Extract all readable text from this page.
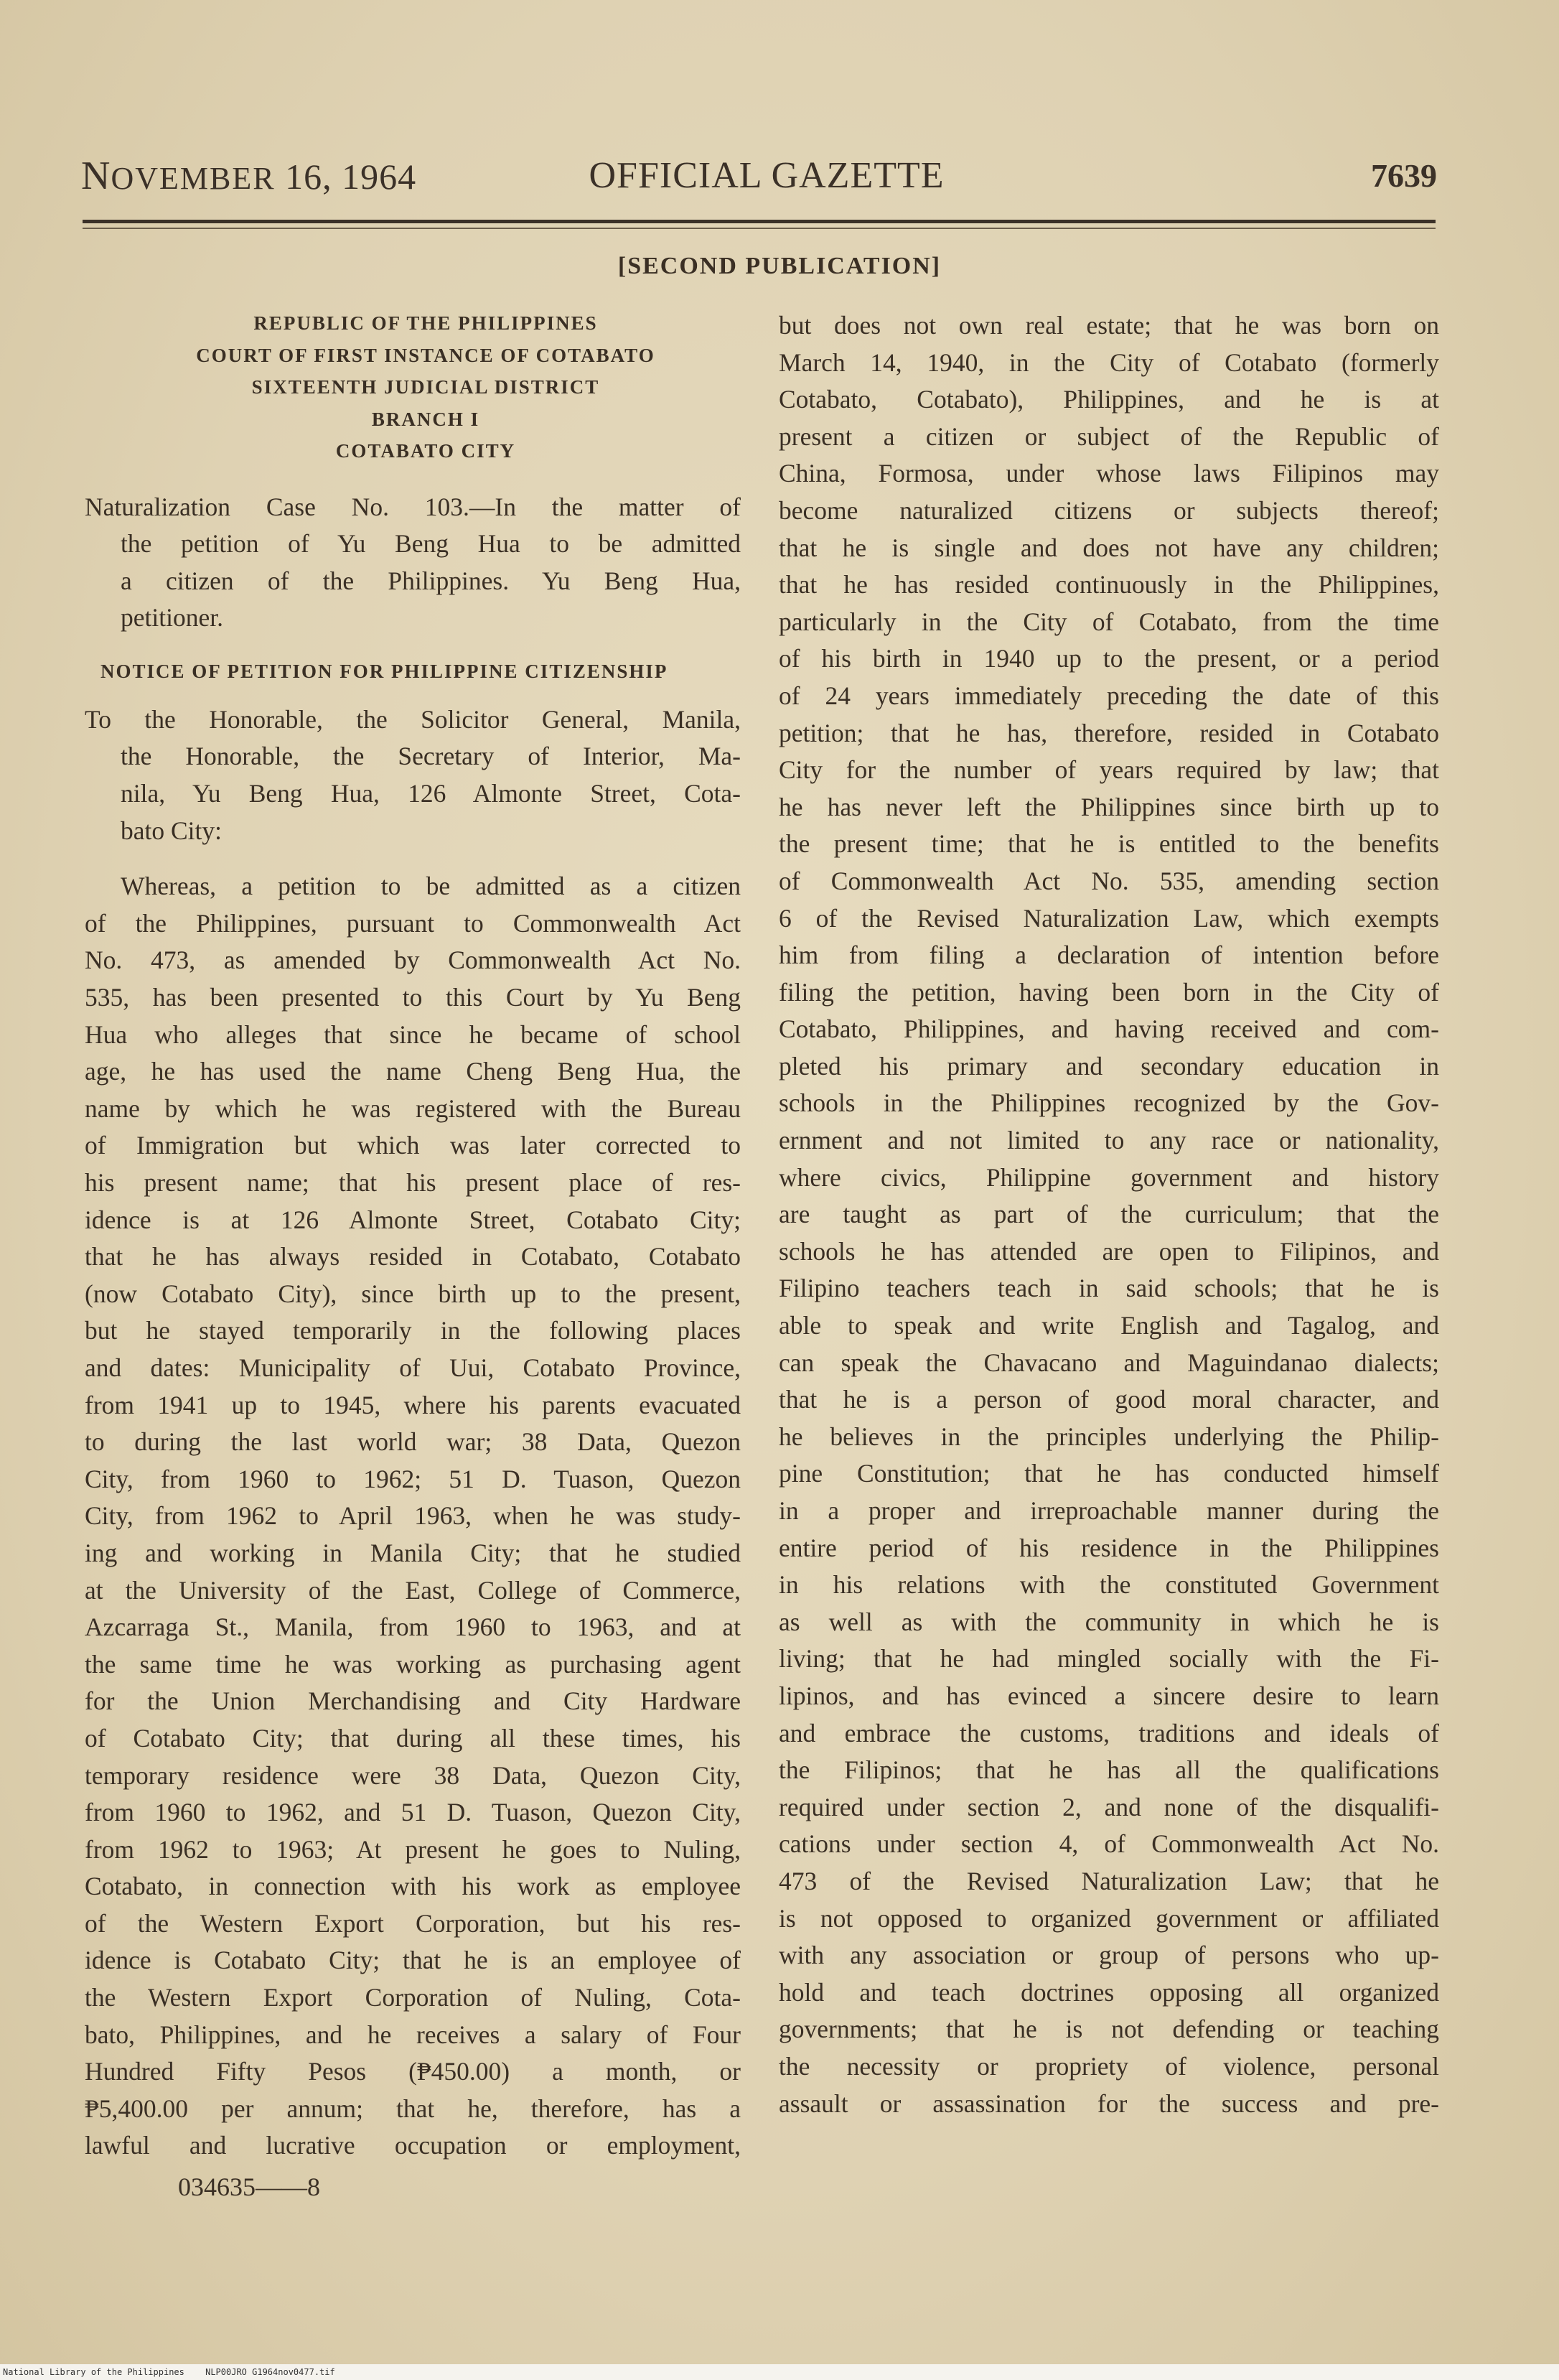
NOVEMBER 16, 1964	OFFICIAL GAZETTE	7639
[SECOND PUBLICATION]
REPUBLIC OF THE PHILIPPINES
COURT OF FIRST INSTANCE OF COTABATO
SIXTEENTH JUDICIAL DISTRICT
BRANCH I
COTABATO CITY
Naturalization Case No. 103.—In the matter of
the petition of Yu Beng Hua to be admitted
a citizen of the Philippines. Yu Beng Hua,
petitioner.
NOTICE OF PETITION FOR PHILIPPINE CITIZENSHIP
To the Honorable, the Solicitor General, Manila,
the Honorable, the Secretary of Interior, Ma-
nila, Yu Beng Hua, 126 Almonte Street, Cota-
bato City:
Whereas, a petition to be admitted as a citizen
of the Philippines, pursuant to Commonwealth Act
No. 473, as amended by Commonwealth Act No.
535, has been presented to this Court by Yu Beng
Hua who alleges that since he became of school
age, he has used the name Cheng Beng Hua, the
name by which he was registered with the Bureau
of Immigration but which was later corrected to
his present name; that his present place of res-
idence is at 126 Almonte Street, Cotabato City;
that he has always resided in Cotabato, Cotabato
(now Cotabato City), since birth up to the present,
but he stayed temporarily in the following places
and dates: Municipality of Uui, Cotabato Province,
from 1941 up to 1945, where his parents evacuated
to during the last world war; 38 Data, Quezon
City, from 1960 to 1962; 51 D. Tuason, Quezon
City, from 1962 to April 1963, when he was study-
ing and working in Manila City; that he studied
at the University of the East, College of Commerce,
Azcarraga St., Manila, from 1960 to 1963, and at
the same time he was working as purchasing agent
for the Union Merchandising and City Hardware
of Cotabato City; that during all these times, his
temporary residence were 38 Data, Quezon City,
from 1960 to 1962, and 51 D. Tuason, Quezon City,
from 1962 to 1963; At present he goes to Nuling,
Cotabato, in connection with his work as employee
of the Western Export Corporation, but his res-
idence is Cotabato City; that he is an employee of
the Western Export Corporation of Nuling, Cota-
bato, Philippines, and he receives a salary of Four
Hundred Fifty Pesos (₱450.00) a month, or
₱5,400.00 per annum; that he, therefore, has a
lawful and lucrative occupation or employment,
034635——8
but does not own real estate; that he was born on
March 14, 1940, in the City of Cotabato (formerly
Cotabato, Cotabato), Philippines, and he is at
present a citizen or subject of the Republic of
China, Formosa, under whose laws Filipinos may
become naturalized citizens or subjects thereof;
that he is single and does not have any children;
that he has resided continuously in the Philippines,
particularly in the City of Cotabato, from the time
of his birth in 1940 up to the present, or a period
of 24 years immediately preceding the date of this
petition; that he has, therefore, resided in Cotabato
City for the number of years required by law; that
he has never left the Philippines since birth up to
the present time; that he is entitled to the benefits
of Commonwealth Act No. 535, amending section
6 of the Revised Naturalization Law, which exempts
him from filing a declaration of intention before
filing the petition, having been born in the City of
Cotabato, Philippines, and having received and com-
pleted his primary and secondary education in
schools in the Philippines recognized by the Gov-
ernment and not limited to any race or nationality,
where civics, Philippine government and history
are taught as part of the curriculum; that the
schools he has attended are open to Filipinos, and
Filipino teachers teach in said schools; that he is
able to speak and write English and Tagalog, and
can speak the Chavacano and Maguindanao dialects;
that he is a person of good moral character, and
he believes in the principles underlying the Philip-
pine Constitution; that he has conducted himself
in a proper and irreproachable manner during the
entire period of his residence in the Philippines
in his relations with the constituted Government
as well as with the community in which he is
living; that he had mingled socially with the Fi-
lipinos, and has evinced a sincere desire to learn
and embrace the customs, traditions and ideals of
the Filipinos; that he has all the qualifications
required under section 2, and none of the disqualifi-
cations under section 4, of Commonwealth Act No.
473 of the Revised Naturalization Law; that he
is not opposed to organized government or affiliated
with any association or group of persons who up-
hold and teach doctrines opposing all organized
governments; that he is not defending or teaching
the necessity or propriety of violence, personal
assault or assassination for the success and pre-
National Library of the Philippines NLP00JRO G1964nov0477.tif
